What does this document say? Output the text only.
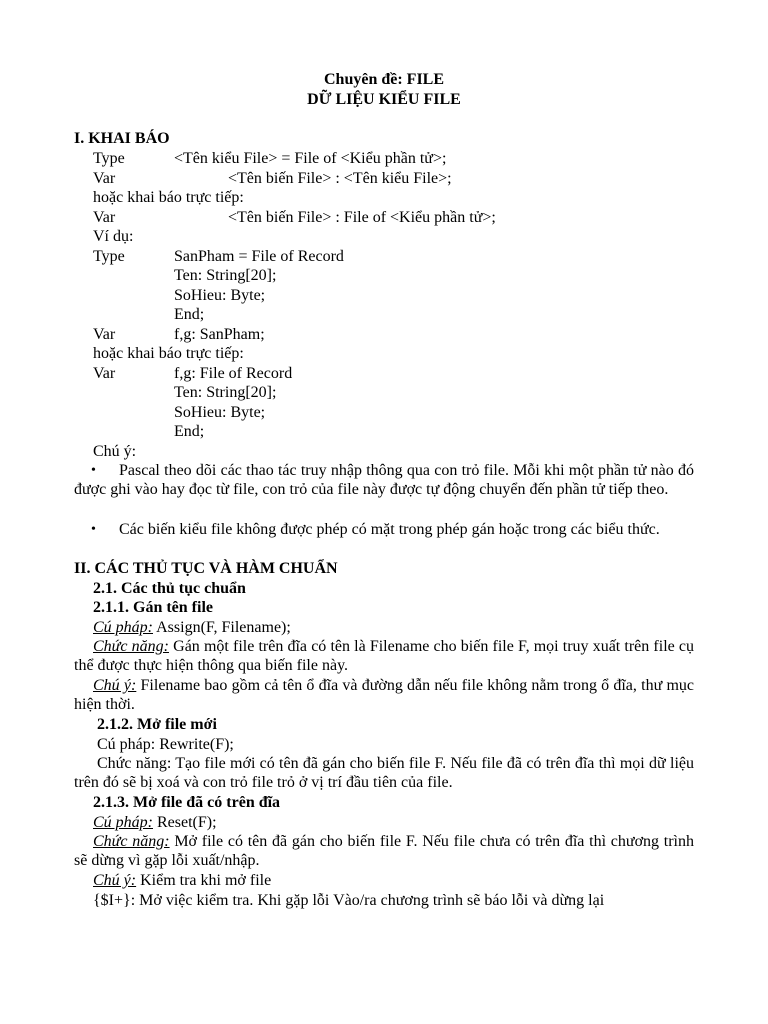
Chuyên đề: FILE
DỮ LIỆU KIỂU FILE
I. KHAI BÁO
Type	<Tên kiểu File> = File of <Kiểu phần tử>;
Var	<Tên biến File> : <Tên kiểu File>;
hoặc khai báo trực tiếp:
Var	<Tên biến File> : File of <Kiểu phần tử>;
Ví dụ:
Type	SanPham = File of Record
Ten: String[20];
SoHieu: Byte;
End;
Var	f,g: SanPham;
hoặc khai báo trực tiếp:
Var	f,g: File of Record
Ten: String[20];
SoHieu: Byte;
End;
Chú ý:
•	Pascal theo dõi các thao tác truy nhập thông qua con trỏ file. Mỗi khi một phần tử nào đó được ghi vào hay đọc từ file, con trỏ của file này được tự động chuyển đến phần tử tiếp theo.
•	Các biến kiểu file không được phép có mặt trong phép gán hoặc trong các biểu thức.
II. CÁC THỦ TỤC VÀ HÀM CHUẨN
2.1. Các thủ tục chuẩn
2.1.1. Gán tên file
Cú pháp: Assign(F, Filename);
Chức năng: Gán một file trên đĩa có tên là Filename cho biến file F, mọi truy xuất trên file cụ thể được thực hiện thông qua biến file này.
Chú ý: Filename bao gồm cả tên ổ đĩa và đường dẫn nếu file không nằm trong ổ đĩa, thư mục hiện thời.
2.1.2. Mở file mới
Cú pháp: Rewrite(F);
Chức năng: Tạo file mới có tên đã gán cho biến file F. Nếu file đã có trên đĩa thì mọi dữ liệu trên đó sẽ bị xoá và con trỏ file trỏ ở vị trí đầu tiên của file.
2.1.3. Mở file đã có trên đĩa
Cú pháp: Reset(F);
Chức năng: Mở file có tên đã gán cho biến file F. Nếu file chưa có trên đĩa thì chương trình sẽ dừng vì gặp lỗi xuất/nhập.
Chú ý: Kiểm tra khi mở file
{$I+}: Mở việc kiểm tra. Khi gặp lỗi Vào/ra chương trình sẽ báo lỗi và dừng lại
